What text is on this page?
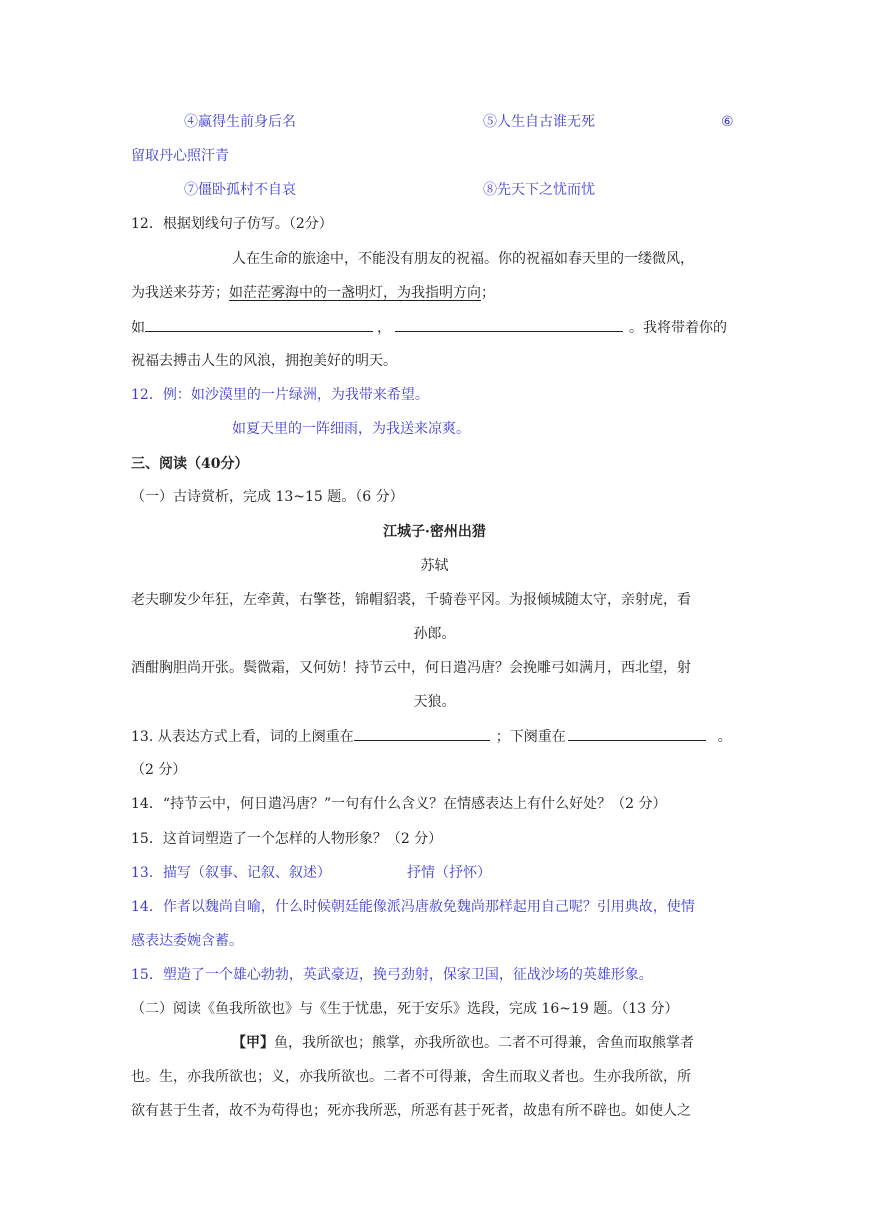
④赢得生前身后名	⑤人生自古谁无死	⑥
留取丹心照汗青
⑦僵卧孤村不自哀	⑧先天下之忧而忧
12．根据划线句子仿写。（2分）
人在生命的旅途中，不能没有朋友的祝福。你的祝福如春天里的一缕微风，
为我送来芬芳；如茫茫雾海中的一盏明灯，为我指明方向；
如	，	。我将带着你的
祝福去搏击人生的风浪，拥抱美好的明天。
12．例：如沙漠里的一片绿洲，为我带来希望。
如夏天里的一阵细雨，为我送来凉爽。
三、阅读（40分）
（一）古诗赏析，完成 13~15 题。（6 分）
江城子·密州出猎
苏轼
老夫聊发少年狂，左牵黄，右擎苍，锦帽貂裘，千骑卷平冈。为报倾城随太守，亲射虎，看
孙郎。
酒酣胸胆尚开张。鬓微霜，又何妨！持节云中，何日遣冯唐？会挽雕弓如满月，西北望，射
天狼。
13. 从表达方式上看，词的上阕重在	；下阕重在	。
（2 分）
14．“持节云中，何日遣冯唐？”一句有什么含义？在情感表达上有什么好处？（2 分）
15．这首词塑造了一个怎样的人物形象？（2 分）
13．描写（叙事、记叙、叙述）	抒情（抒怀）
14．作者以魏尚自喻，什么时候朝廷能像派冯唐赦免魏尚那样起用自己呢？引用典故，使情
感表达委婉含蓄。
15．塑造了一个雄心勃勃，英武豪迈，挽弓劲射，保家卫国，征战沙场的英雄形象。
（二）阅读《鱼我所欲也》与《生于忧患，死于安乐》选段，完成 16~19 题。（13 分）
【甲】鱼，我所欲也；熊掌，亦我所欲也。二者不可得兼，舍鱼而取熊掌者
也。生，亦我所欲也；义，亦我所欲也。二者不可得兼，舍生而取义者也。生亦我所欲，所
欲有甚于生者，故不为苟得也；死亦我所恶，所恶有甚于死者，故患有所不辟也。如使人之
